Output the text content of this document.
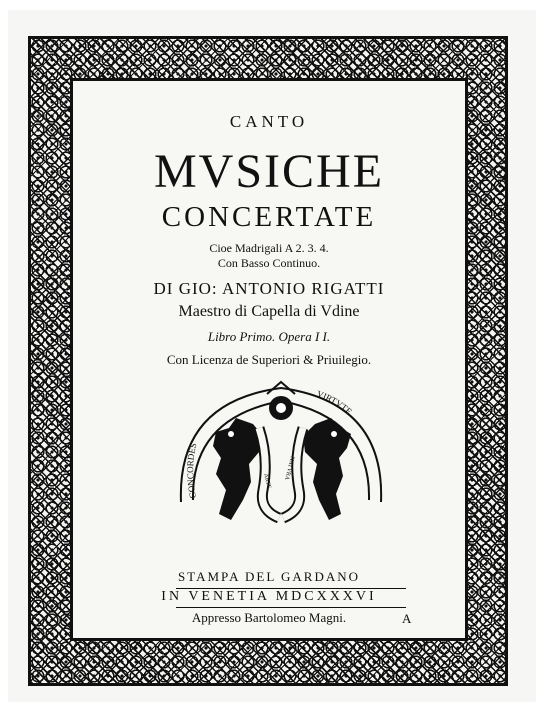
CANTO
MVSICHE
CONCERTATE
Cioe Madrigali A 2. 3. 4.
Con Basso Continuo.
DI GIO: ANTONIO RIGATTI
Maestro di Capella di Vdine
Libro Primo. Opera I I.
Con Licenza de Superiori & Priuilegio.
CONCORDES
VIRTVTE
ARTE
NATVRA
STAMPA DEL GARDANO
IN VENETIA MDCXXXVI
Appresso Bartolomeo Magni.	A
